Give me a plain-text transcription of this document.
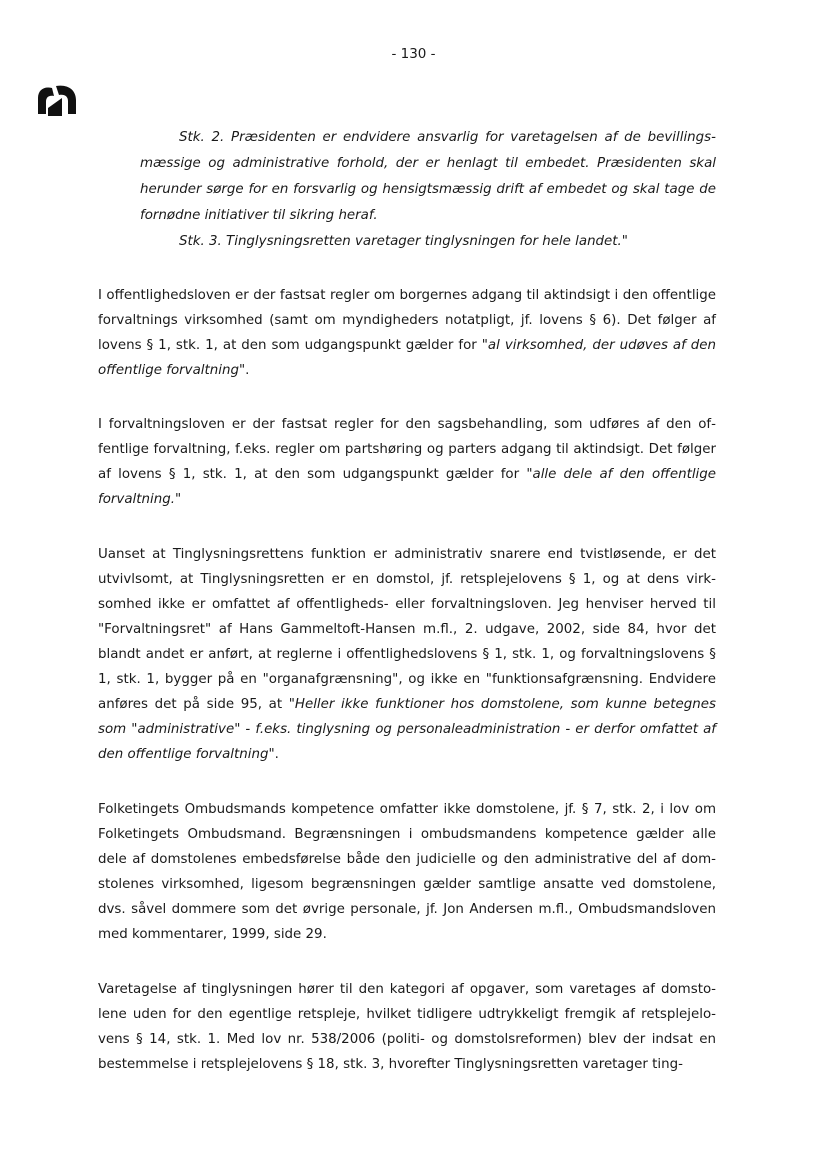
- 130 -

Stk. 2. Præsidenten er endvidere ansvarlig for varetagelsen af de bevillingsmæssige og administrative forhold, der er henlagt til embedet. Præsidenten skal herunder sørge for en forsvarlig og hensigtsmæssig drift af embedet og skal tage de fornødne initiativer til sikring heraf.

Stk. 3. Tinglysningsretten varetager tinglysningen for hele landet."

I offentlighedsloven er der fastsat regler om borgernes adgang til aktindsigt i den offentlige forvaltnings virksomhed (samt om myndigheders notatpligt, jf. lovens § 6). Det følger af lovens § 1, stk. 1, at den som udgangspunkt gælder for "al virksomhed, der udøves af den offentlige forvaltning".

I forvaltningsloven er der fastsat regler for den sagsbehandling, som udføres af den offentlige forvaltning, f.eks. regler om partshøring og parters adgang til aktindsigt. Det følger af lovens § 1, stk. 1, at den som udgangspunkt gælder for "alle dele af den offentlige forvaltning."

Uanset at Tinglysningsrettens funktion er administrativ snarere end tvistløsende, er det utvivlsomt, at Tinglysningsretten er en domstol, jf. retsplejelovens § 1, og at dens virksomhed ikke er omfattet af offentligheds- eller forvaltningsloven. Jeg henviser herved til "Forvaltningsret" af Hans Gammeltoft-Hansen m.fl., 2. udgave, 2002, side 84, hvor det blandt andet er anført, at reglerne i offentlighedslovens § 1, stk. 1, og forvaltningslovens § 1, stk. 1, bygger på en "organafgrænsning", og ikke en "funktionsafgrænsning. Endvidere anføres det på side 95, at "Heller ikke funktioner hos domstolene, som kunne betegnes som "administrative" - f.eks. tinglysning og personaleadministration - er derfor omfattet af den offentlige forvaltning".

Folketingets Ombudsmands kompetence omfatter ikke domstolene, jf. § 7, stk. 2, i lov om Folketingets Ombudsmand. Begrænsningen i ombudsmandens kompetence gælder alle dele af domstolenes embedsførelse både den judicielle og den administrative del af domstolenes virksomhed, ligesom begrænsningen gælder samtlige ansatte ved domstolene, dvs. såvel dommere som det øvrige personale, jf. Jon Andersen m.fl., Ombudsmandsloven med kommentarer, 1999, side 29.

Varetagelse af tinglysningen hører til den kategori af opgaver, som varetages af domstolene uden for den egentlige retspleje, hvilket tidligere udtrykkeligt fremgik af retsplejelovens § 14, stk. 1. Med lov nr. 538/2006 (politi- og domstolsreformen) blev der indsat en bestemmelse i retsplejelovens § 18, stk. 3, hvorefter Tinglysningsretten varetager ting-
